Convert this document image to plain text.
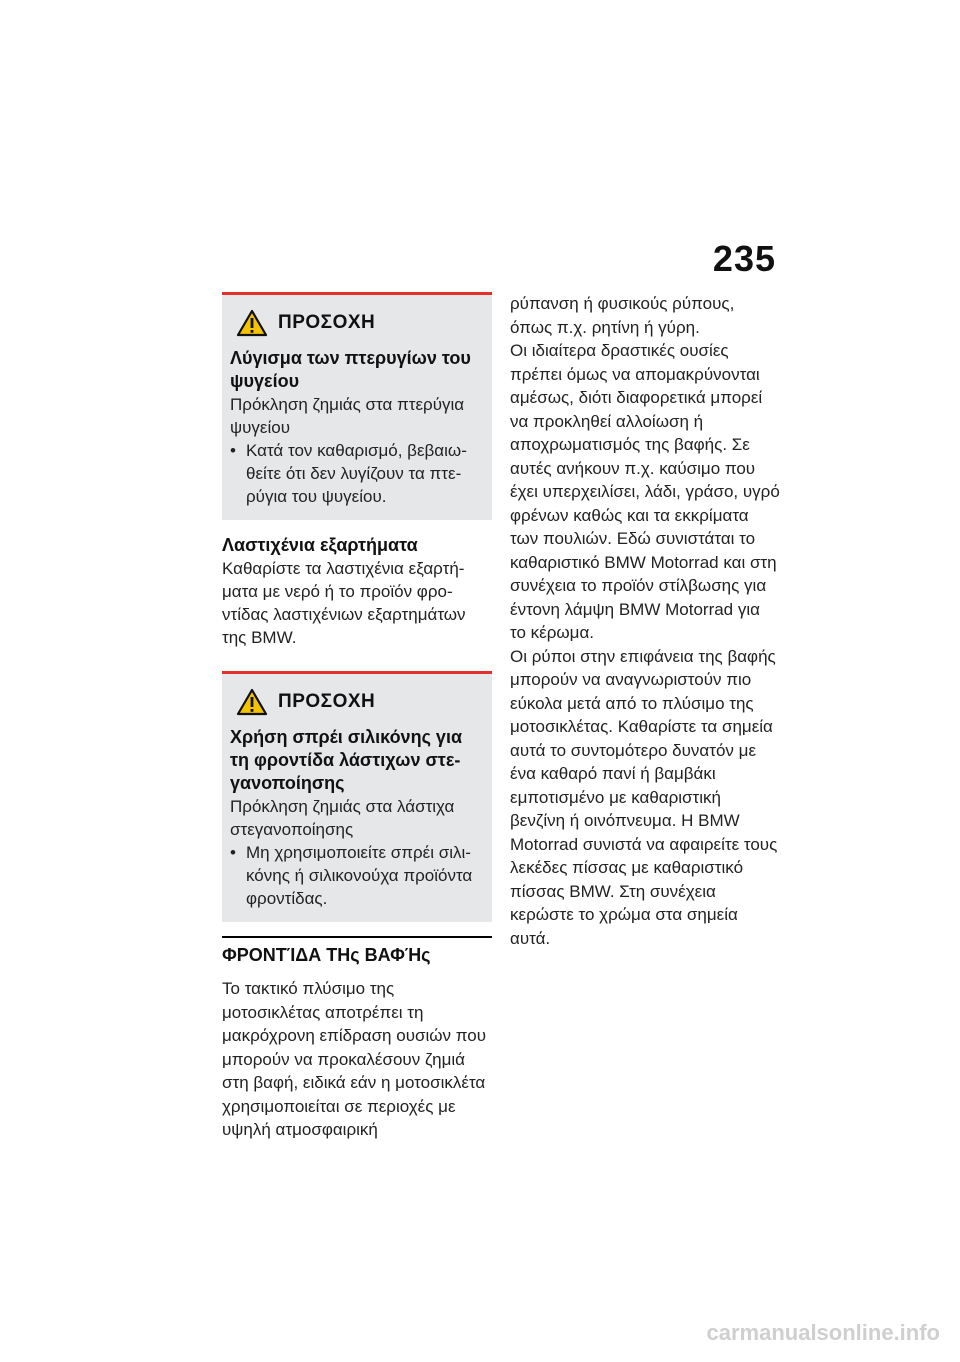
235
ΠΡΟΣΟΧΗ
Λύγισμα των πτερυγίων του ψυγείου
Πρόκληση ζημιάς στα πτερύγια ψυγείου
• Κατά τον καθαρισμό, βεβαιωθείτε ότι δεν λυγίζουν τα πτερύγια του ψυγείου.
Λαστιχένια εξαρτήματα
Καθαρίστε τα λαστιχένια εξαρτήματα με νερό ή το προϊόν φροντίδας λαστιχένιων εξαρτημάτων της BMW.
ΠΡΟΣΟΧΗ
Χρήση σπρέι σιλικόνης για τη φροντίδα λάστιχων στεγανοποίησης
Πρόκληση ζημιάς στα λάστιχα στεγανοποίησης
• Μη χρησιμοποιείτε σπρέι σιλικόνης ή σιλικονούχα προϊόντα φροντίδας.
ΦΡΟΝΤΊΔΑ ΤΗς ΒΑΦΉς
Το τακτικό πλύσιμο της μοτοσικλέτας αποτρέπει τη μακρόχρονη επίδραση ουσιών που μπορούν να προκαλέσουν ζημιά στη βαφή, ειδικά εάν η μοτοσικλέτα χρησιμοποιείται σε περιοχές με υψηλή ατμοσφαιρική
ρύπανση ή φυσικούς ρύπους, όπως π.χ. ρητίνη ή γύρη.
Οι ιδιαίτερα δραστικές ουσίες πρέπει όμως να απομακρύνονται αμέσως, διότι διαφορετικά μπορεί να προκληθεί αλλοίωση ή αποχρωματισμός της βαφής. Σε αυτές ανήκουν π.χ. καύσιμο που έχει υπερχειλίσει, λάδι, γράσο, υγρό φρένων καθώς και τα εκκρίματα των πουλιών. Εδώ συνιστάται το καθαριστικό BMW Motorrad και στη συνέχεια το προϊόν στίλβωσης για έντονη λάμψη BMW Motorrad για το κέρωμα.
Οι ρύποι στην επιφάνεια της βαφής μπορούν να αναγνωριστούν πιο εύκολα μετά από το πλύσιμο της μοτοσικλέτας. Καθαρίστε τα σημεία αυτά το συντομότερο δυνατόν με ένα καθαρό πανί ή βαμβάκι εμποτισμένο με καθαριστική βενζίνη ή οινόπνευμα. Η BMW Motorrad συνιστά να αφαιρείτε τους λεκέδες πίσσας με καθαριστικό πίσσας BMW. Στη συνέχεια κερώστε το χρώμα στα σημεία αυτά.
carmanualsonline.info
